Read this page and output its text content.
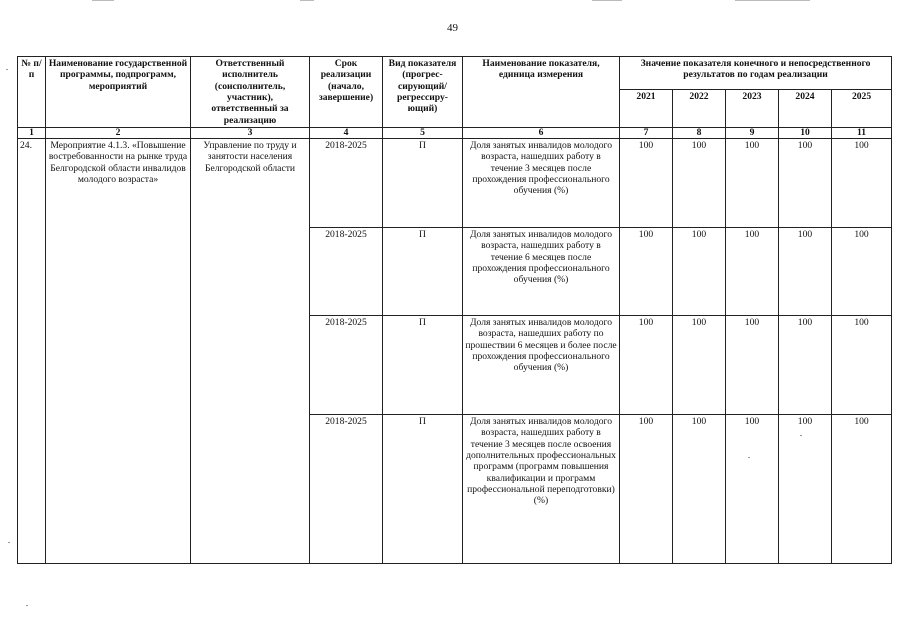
49
№ п/п	Наименование государственной программы, подпрограмм, мероприятий	Ответственный исполнитель (соисполнитель, участник), ответственный за реализацию	Срок реализации (начало, завершение)	Вид показателя (прогрес-сирующий/ регрессиру-ющий)	Наименование показателя, единица измерения	Значение показателя конечного и непосредственного результатов по годам реализации				
						2021	2022	2023	2024	2025
1	2	3	4	5	6	7	8	9	10	11
24.	Мероприятие 4.1.3. «Повышение востребованности на рынке труда Белгородской области инвалидов молодого возраста»	Управление по труду и занятости населения Белгородской области	2018-2025	П	Доля занятых инвалидов молодого возраста, нашедших работу в течение 3 месяцев после прохождения профессионального обучения (%)	100	100	100	100	100
			2018-2025	П	Доля занятых инвалидов молодого возраста, нашедших работу в течение 6 месяцев после прохождения профессионального обучения (%)	100	100	100	100	100
			2018-2025	П	Доля занятых инвалидов молодого возраста, нашедших работу по прошествии 6 месяцев и более после прохождения профессионального обучения (%)	100	100	100	100	100
			2018-2025	П	Доля занятых инвалидов молодого возраста, нашедших работу в течение 3 месяцев после освоения дополнительных профессиональных программ (программ повышения квалификации и программ профессиональной переподготовки) (%)	100	100	100	100	100
